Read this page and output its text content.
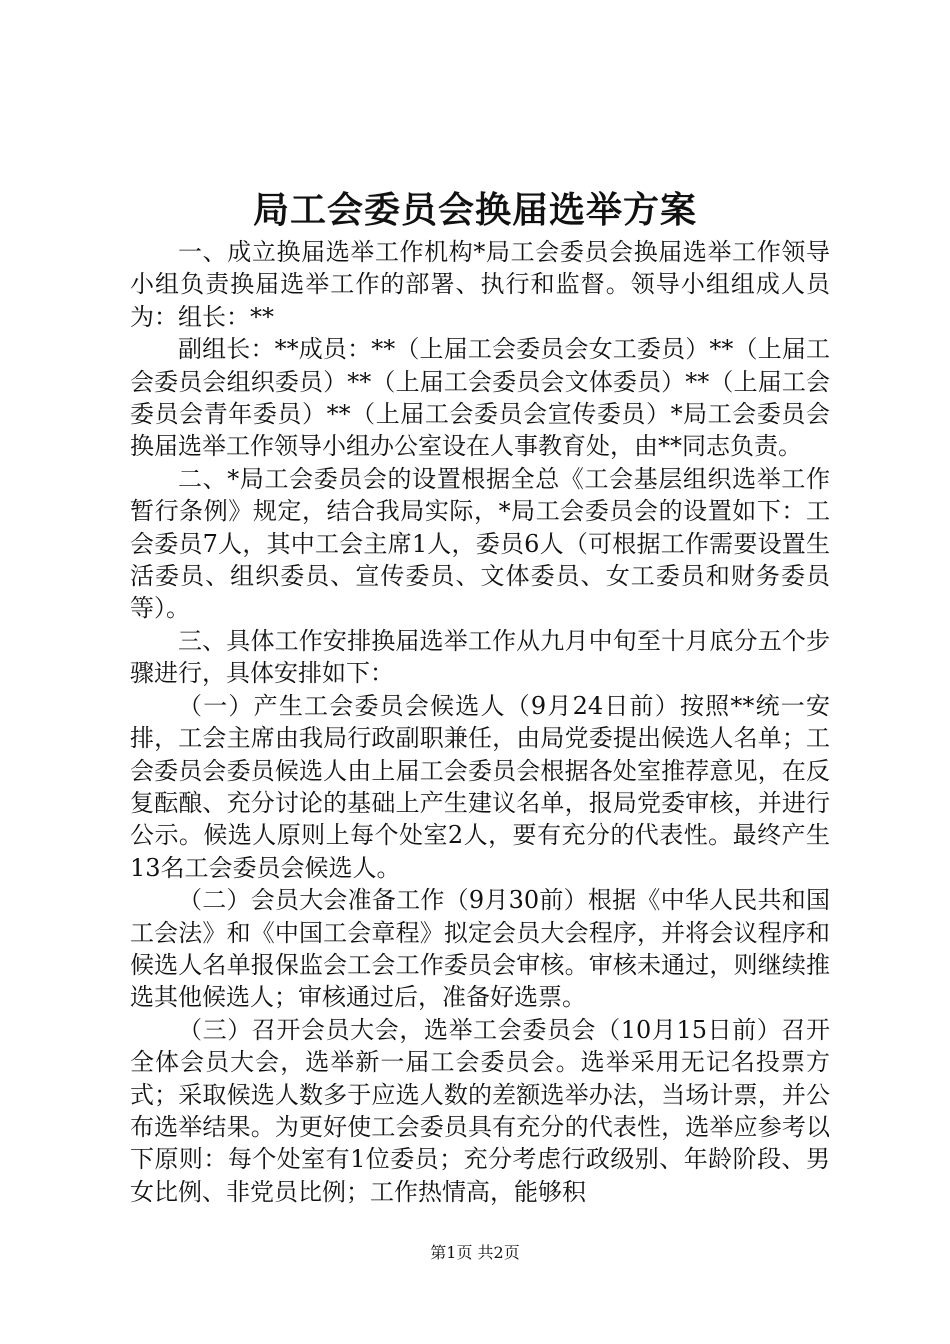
局工会委员会换届选举方案

一、成立换届选举工作机构*局工会委员会换届选举工作领导小组负责换届选举工作的部署、执行和监督。领导小组组成人员为：组长：**

副组长：**成员：**（上届工会委员会女工委员）**（上届工会委员会组织委员）**（上届工会委员会文体委员）**（上届工会委员会青年委员）**（上届工会委员会宣传委员）*局工会委员会换届选举工作领导小组办公室设在人事教育处，由**同志负责。

二、*局工会委员会的设置根据全总《工会基层组织选举工作暂行条例》规定，结合我局实际，*局工会委员会的设置如下：工会委员7人，其中工会主席1人，委员6人（可根据工作需要设置生活委员、组织委员、宣传委员、文体委员、女工委员和财务委员等）。

三、具体工作安排换届选举工作从九月中旬至十月底分五个步骤进行，具体安排如下：

（一）产生工会委员会候选人（9月24日前）按照**统一安排，工会主席由我局行政副职兼任，由局党委提出候选人名单；工会委员会委员候选人由上届工会委员会根据各处室推荐意见，在反复酝酿、充分讨论的基础上产生建议名单，报局党委审核，并进行公示。候选人原则上每个处室2人，要有充分的代表性。最终产生13名工会委员会候选人。

（二）会员大会准备工作（9月30前）根据《中华人民共和国工会法》和《中国工会章程》拟定会员大会程序，并将会议程序和候选人名单报保监会工会工作委员会审核。审核未通过，则继续推选其他候选人；审核通过后，准备好选票。

（三）召开会员大会，选举工会委员会（10月15日前）召开全体会员大会，选举新一届工会委员会。选举采用无记名投票方式；采取候选人数多于应选人数的差额选举办法，当场计票，并公布选举结果。为更好使工会委员具有充分的代表性，选举应参考以下原则：每个处室有1位委员；充分考虑行政级别、年龄阶段、男女比例、非党员比例；工作热情高，能够积

第1页 共2页
